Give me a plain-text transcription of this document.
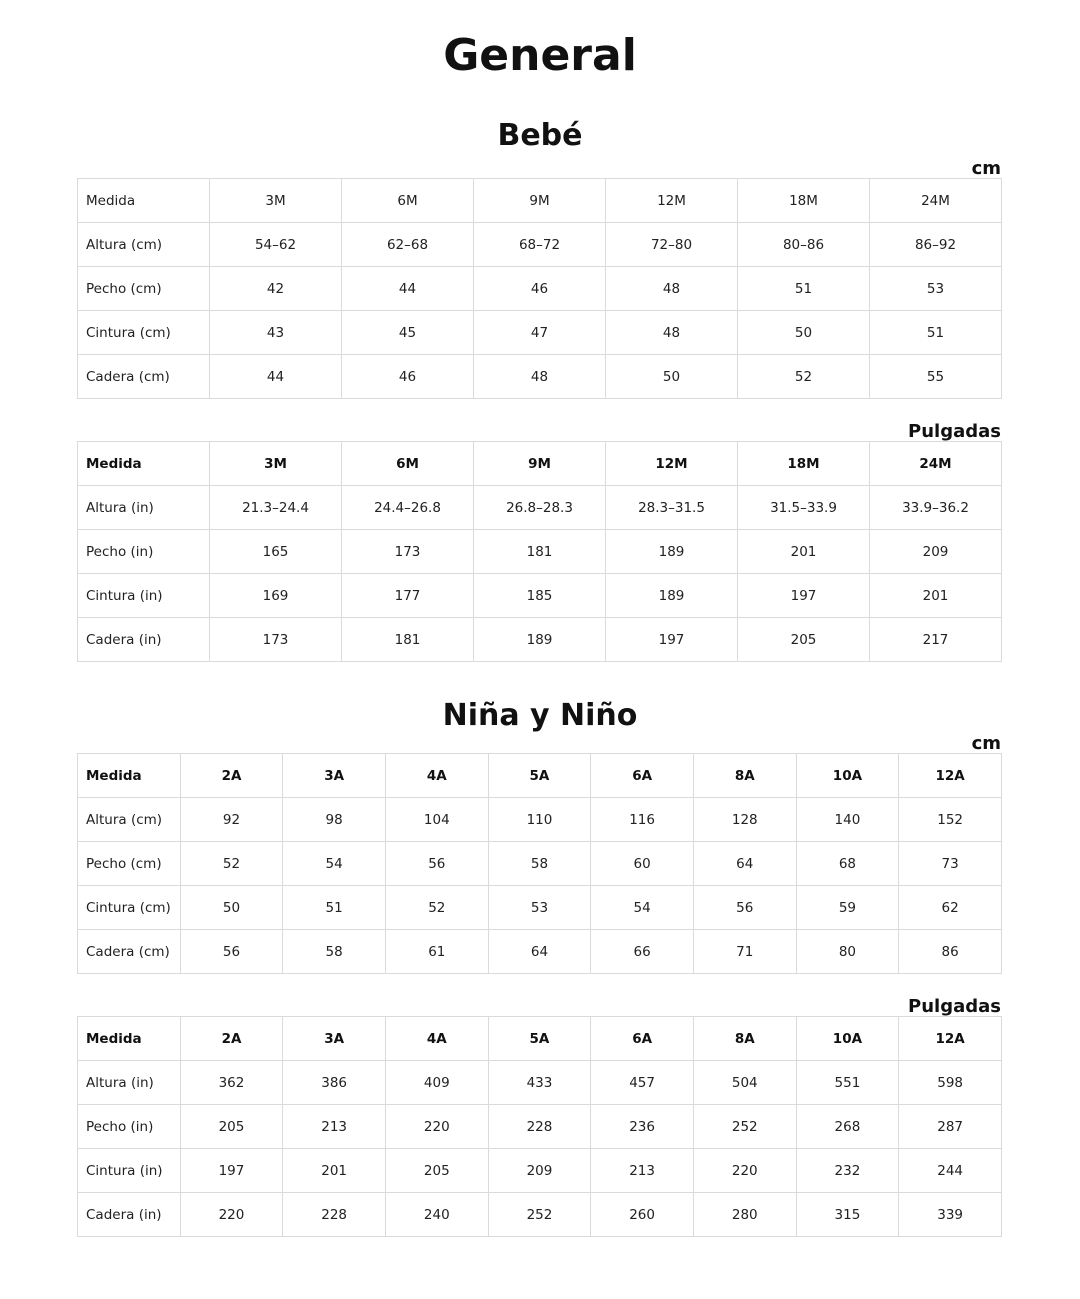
General
Bebé
cm
Medida	3M	6M	9M	12M	18M	24M
Altura (cm)	54–62	62–68	68–72	72–80	80–86	86–92
Pecho (cm)	42	44	46	48	51	53
Cintura (cm)	43	45	47	48	50	51
Cadera (cm)	44	46	48	50	52	55
Pulgadas
Medida	3M	6M	9M	12M	18M	24M
Altura (in)	21.3–24.4	24.4–26.8	26.8–28.3	28.3–31.5	31.5–33.9	33.9–36.2
Pecho (in)	165	173	181	189	201	209
Cintura (in)	169	177	185	189	197	201
Cadera (in)	173	181	189	197	205	217
Niña y Niño
cm
Medida	2A	3A	4A	5A	6A	8A	10A	12A
Altura (cm)	92	98	104	110	116	128	140	152
Pecho (cm)	52	54	56	58	60	64	68	73
Cintura (cm)	50	51	52	53	54	56	59	62
Cadera (cm)	56	58	61	64	66	71	80	86
Pulgadas
Medida	2A	3A	4A	5A	6A	8A	10A	12A
Altura (in)	362	386	409	433	457	504	551	598
Pecho (in)	205	213	220	228	236	252	268	287
Cintura (in)	197	201	205	209	213	220	232	244
Cadera (in)	220	228	240	252	260	280	315	339
